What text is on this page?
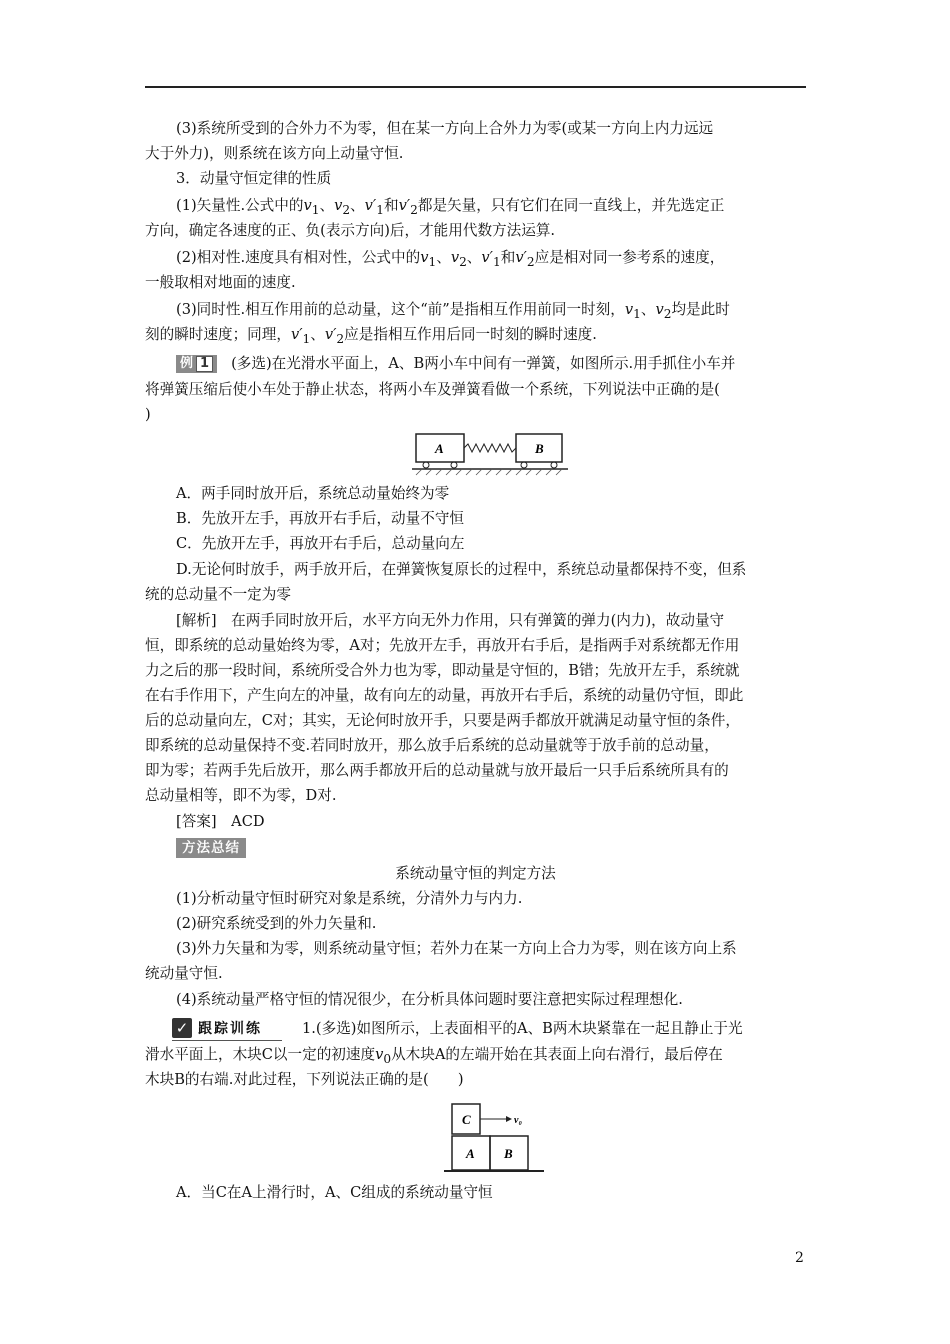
(3)系统所受到的合外力不为零，但在某一方向上合外力为零(或某一方向上内力远远
大于外力)，则系统在该方向上动量守恒.
3．动量守恒定律的性质
(1)矢量性.公式中的$v_1$、$v_2$、$v'_1$和$v'_2$都是矢量，只有它们在同一直线上，并先选定正
方向，确定各速度的正、负(表示方向)后，才能用代数方法运算.
(2)相对性.速度具有相对性，公式中的$v_1$、$v_2$、$v'_1$和$v'_2$应是相对同一参考系的速度，
一般取相对地面的速度.
(3)同时性.相互作用前的总动量，这个“前”是指相互作用前同一时刻，$v_1$、$v_2$均是此时
刻的瞬时速度；同理，$v'_1$、$v'_2$应是指相互作用后同一时刻的瞬时速度.
例 1 (多选)在光滑水平面上，A、B两小车中间有一弹簧，如图所示.用手抓住小车并
将弹簧压缩后使小车处于静止状态，将两小车及弹簧看做一个系统，下列说法中正确的是(
)
A	B
A．两手同时放开后，系统总动量始终为零
B．先放开左手，再放开右手后，动量不守恒
C．先放开左手，再放开右手后，总动量向左
D.无论何时放手，两手放开后，在弹簧恢复原长的过程中，系统总动量都保持不变，但系
统的总动量不一定为零
[解析]　在两手同时放开后，水平方向无外力作用，只有弹簧的弹力(内力)，故动量守
恒，即系统的总动量始终为零，A对；先放开左手，再放开右手后，是指两手对系统都无作用
力之后的那一段时间，系统所受合外力也为零，即动量是守恒的，B错；先放开左手，系统就
在右手作用下，产生向左的冲量，故有向左的动量，再放开右手后，系统的动量仍守恒，即此
后的总动量向左，C对；其实，无论何时放开手，只要是两手都放开就满足动量守恒的条件，
即系统的总动量保持不变.若同时放开，那么放手后系统的总动量就等于放手前的总动量，
即为零；若两手先后放开，那么两手都放开后的总动量就与放开最后一只手后系统所具有的
总动量相等，即不为零，D对.
[答案]　ACD
方法总结
系统动量守恒的判定方法
(1)分析动量守恒时研究对象是系统，分清外力与内力.
(2)研究系统受到的外力矢量和.
(3)外力矢量和为零，则系统动量守恒；若外力在某一方向上合力为零，则在该方向上系
统动量守恒.
(4)系统动量严格守恒的情况很少，在分析具体问题时要注意把实际过程理想化.
✓ 跟踪训练	1.(多选)如图所示，上表面相平的A、B两木块紧靠在一起且静止于光
滑水平面上，木块C以一定的初速度$v_0$从木块A的左端开始在其表面上向右滑行，最后停在
木块B的右端.对此过程，下列说法正确的是(　　)
C	v₀
A B
A．当C在A上滑行时，A、C组成的系统动量守恒
2
